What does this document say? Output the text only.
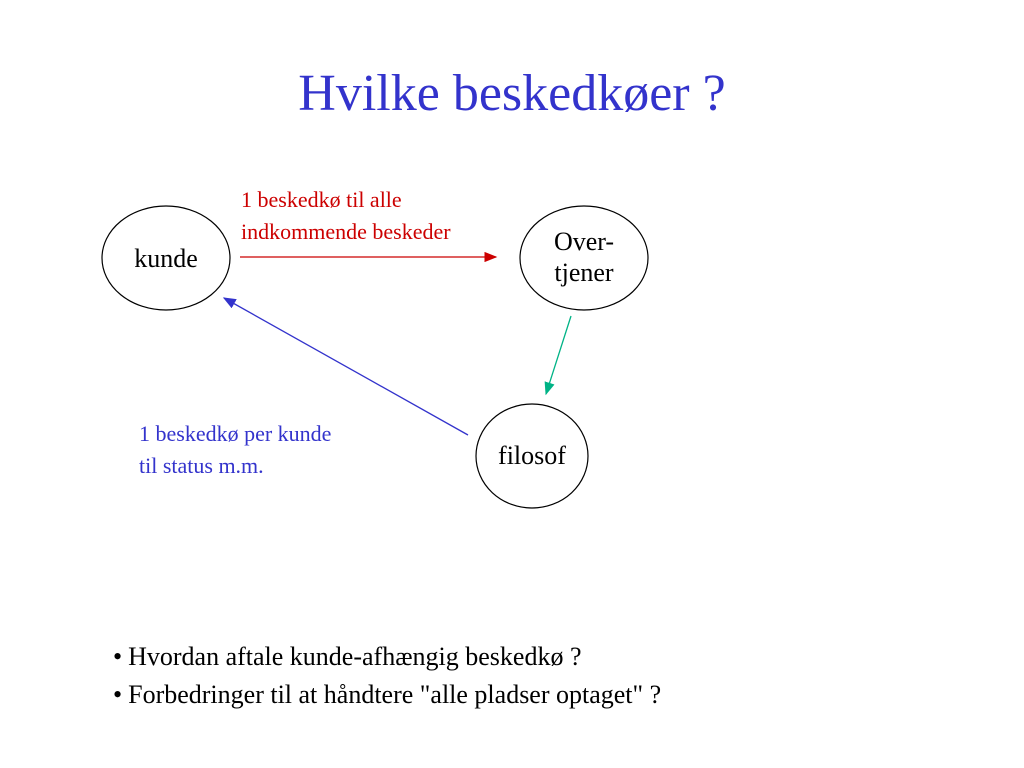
Hvilke beskedkøer ?
kunde
Over-
tjener
filosof
1 beskedkø til alle
indkommende beskeder
1 beskedkø per kunde
til status m.m.
• Hvordan aftale kunde-afhængig beskedkø ?
• Forbedringer til at håndtere "alle pladser optaget" ?
